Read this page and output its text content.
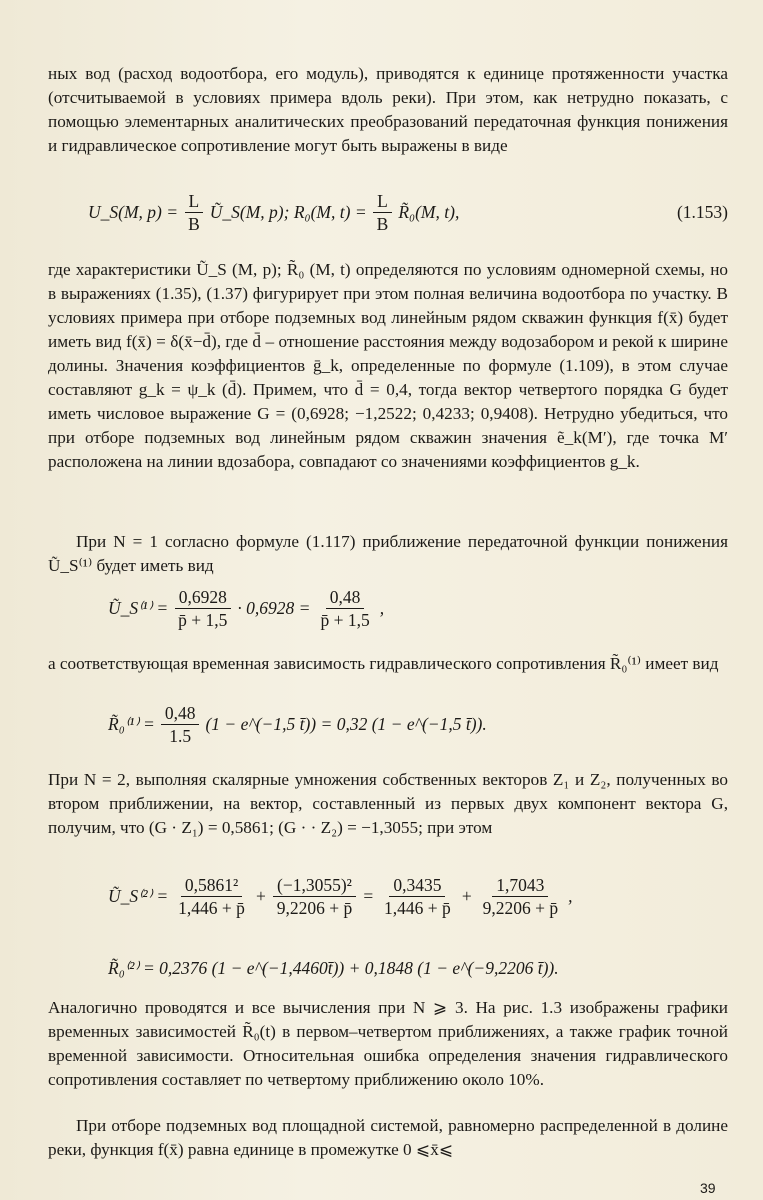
ных вод (расход водоотбора, его модуль), приводятся к единице протяженности участка (отсчитываемой в условиях примера вдоль реки). При этом, как нетрудно показать, с помощью элементарных аналитических преобразований передаточная функция понижения и гидравлическое сопротивление могут быть выражены в виде

U_S(M, $p) = \frac{L}{B}$ Ũ_S(M, p); R₀(M, $t) = \frac{L}{B}$ R̃₀(M, t),	(1.153)

где характеристики Ũ_S (M, p); R̃₀ (M, t) определяются по условиям одномерной схемы, но в выражениях (1.35), (1.37) фигурирует при этом полная величина водоотбора по участку. В условиях примера при отборе подземных вод линейным рядом скважин функция f(x̄) будет иметь вид f(x̄) = δ(x̄−d̄), где d̄ – отношение расстояния между водозабором и рекой к ширине долины. Значения коэффициентов ḡ_k, определенные по формуле (1.109), в этом случае составляют g_k = ψ_k (d̄). Примем, что d̄ = 0,4, тогда вектор четвертого порядка G будет иметь числовое выражение G = (0,6928; −1,2522; 0,4233; 0,9408). Нетрудно убедиться, что при отборе подземных вод линейным рядом скважин значения ẽ_k(M′), где точка M′ расположена на линии вдозабора, совпадают со значениями коэффициентов g_k.

При N = 1 согласно формуле (1.117) приближение передаточной функции понижения Ũ_S⁽¹⁾ будет иметь вид

Ũ_S⁽¹⁾ = $\frac{0,6928}{p̄ + 1,5} \cdot 0,6928 = \frac{0,48}{p̄ + 1,5}$ ,

а соответствующая временная зависимость гидравлического сопротивления R̃₀⁽¹⁾ имеет вид

R̃₀⁽¹⁾ = $\frac{0,48}{1.5} (1$ − e^(−1,5 t̄)) = 0,32 (1 − e^(−1,5 t̄)).

При N = 2, выполняя скалярные умножения собственных векторов Z₁ и Z₂, полученных во втором приближении, на вектор, составленный из первых двух компонент вектора G, получим, что (G · Z₁) = 0,5861; (G · · Z₂) = −1,3055; при этом

Ũ_S⁽²⁾ = $\frac{\text{0,5861²}}{1,446 + p̄} + \frac{\text{(−1,3055)²}}{9,2206 + p̄} = \frac{0,3435}{1,446 + p̄} + \frac{1,7043}{9,2206 + p̄}$ ,
R̃₀⁽²⁾ = 0,2376 (1 − e^(−1,4460t̄)) + 0,1848 (1 − e^(−9,2206 t̄)).

Аналогично проводятся и все вычисления при N ⩾ 3. На рис. 1.3 изображены графики временных зависимостей R̃₀(t) в первом–четвертом приближениях, а также график точной временной зависимости. Относительная ошибка определения значения гидравлического сопротивления составляет по четвертому приближению около 10%.

При отборе подземных вод площадной системой, равномерно распределенной в долине реки, функция f(x̄) равна единице в промежутке 0 ⩽x̄⩽

39
